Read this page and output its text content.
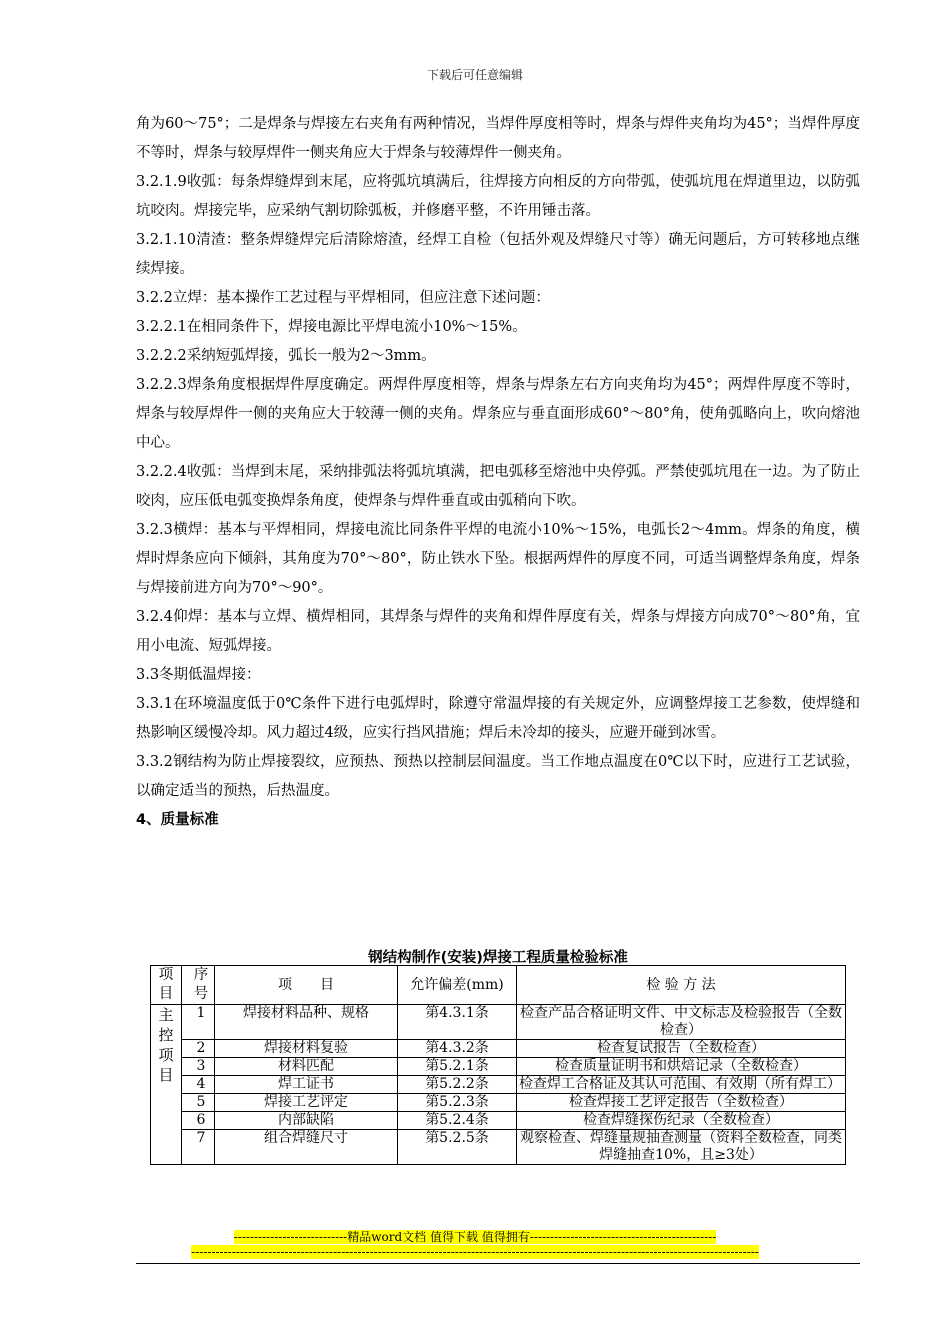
下载后可任意编辑

角为60～75°；二是焊条与焊接左右夹角有两种情况，当焊件厚度相等时，焊条与焊件夹角均为45°；当焊件厚度不等时，焊条与较厚焊件一侧夹角应大于焊条与较薄焊件一侧夹角。

3.2.1.9收弧：每条焊缝焊到末尾，应将弧坑填满后，往焊接方向相反的方向带弧，使弧坑甩在焊道里边，以防弧坑咬肉。焊接完毕，应采纳气割切除弧板，并修磨平整，不许用锤击落。

3.2.1.10清渣：整条焊缝焊完后清除熔渣，经焊工自检（包括外观及焊缝尺寸等）确无问题后，方可转移地点继续焊接。

3.2.2立焊：基本操作工艺过程与平焊相同，但应注意下述问题：

3.2.2.1在相同条件下，焊接电源比平焊电流小10%～15%。

3.2.2.2采纳短弧焊接，弧长一般为2～3mm。

3.2.2.3焊条角度根据焊件厚度确定。两焊件厚度相等，焊条与焊条左右方向夹角均为45°；两焊件厚度不等时，焊条与较厚焊件一侧的夹角应大于较薄一侧的夹角。焊条应与垂直面形成60°～80°角，使角弧略向上，吹向熔池中心。

3.2.2.4收弧：当焊到末尾，采纳排弧法将弧坑填满，把电弧移至熔池中央停弧。严禁使弧坑甩在一边。为了防止咬肉，应压低电弧变换焊条角度，使焊条与焊件垂直或由弧稍向下吹。

3.2.3横焊：基本与平焊相同，焊接电流比同条件平焊的电流小10%～15%，电弧长2～4mm。焊条的角度，横焊时焊条应向下倾斜，其角度为70°～80°，防止铁水下坠。根据两焊件的厚度不同，可适当调整焊条角度，焊条与焊接前进方向为70°～90°。

3.2.4仰焊：基本与立焊、横焊相同，其焊条与焊件的夹角和焊件厚度有关，焊条与焊接方向成70°～80°角，宜用小电流、短弧焊接。

3.3冬期低温焊接：

3.3.1在环境温度低于0℃条件下进行电弧焊时，除遵守常温焊接的有关规定外，应调整焊接工艺参数，使焊缝和热影响区缓慢冷却。风力超过4级，应实行挡风措施；焊后未冷却的接头，应避开碰到冰雪。

3.3.2钢结构为防止焊接裂纹，应预热、预热以控制层间温度。当工作地点温度在0℃以下时，应进行工艺试验，以确定适当的预热，后热温度。

4、质量标准

钢结构制作(安装)焊接工程质量检验标准
项目	序号	项　　目	允许偏差(mm)	检 验 方 法
主控项目	1	焊接材料品种、规格	第4.3.1条	检查产品合格证明文件、中文标志及检验报告（全数检查）
	2	焊接材料复验	第4.3.2条	检查复试报告（全数检查）
	3	材料匹配	第5.2.1条	检查质量证明书和烘焙记录（全数检查）
	4	焊工证书	第5.2.2条	检查焊工合格证及其认可范围、有效期（所有焊工）
	5	焊接工艺评定	第5.2.3条	检查焊接工艺评定报告（全数检查）
	6	内部缺陷	第5.2.4条	检查焊缝探伤纪录（全数检查）
	7	组合焊缝尺寸	第5.2.5条	观察检查、焊缝量规抽查测量（资料全数检查，同类焊缝抽查10%，且≥3处）
----------------------------精品word文档 值得下载 值得拥有----------------------------------------------
--------------------------------------------------------------------------------------------------------------------------------------------
